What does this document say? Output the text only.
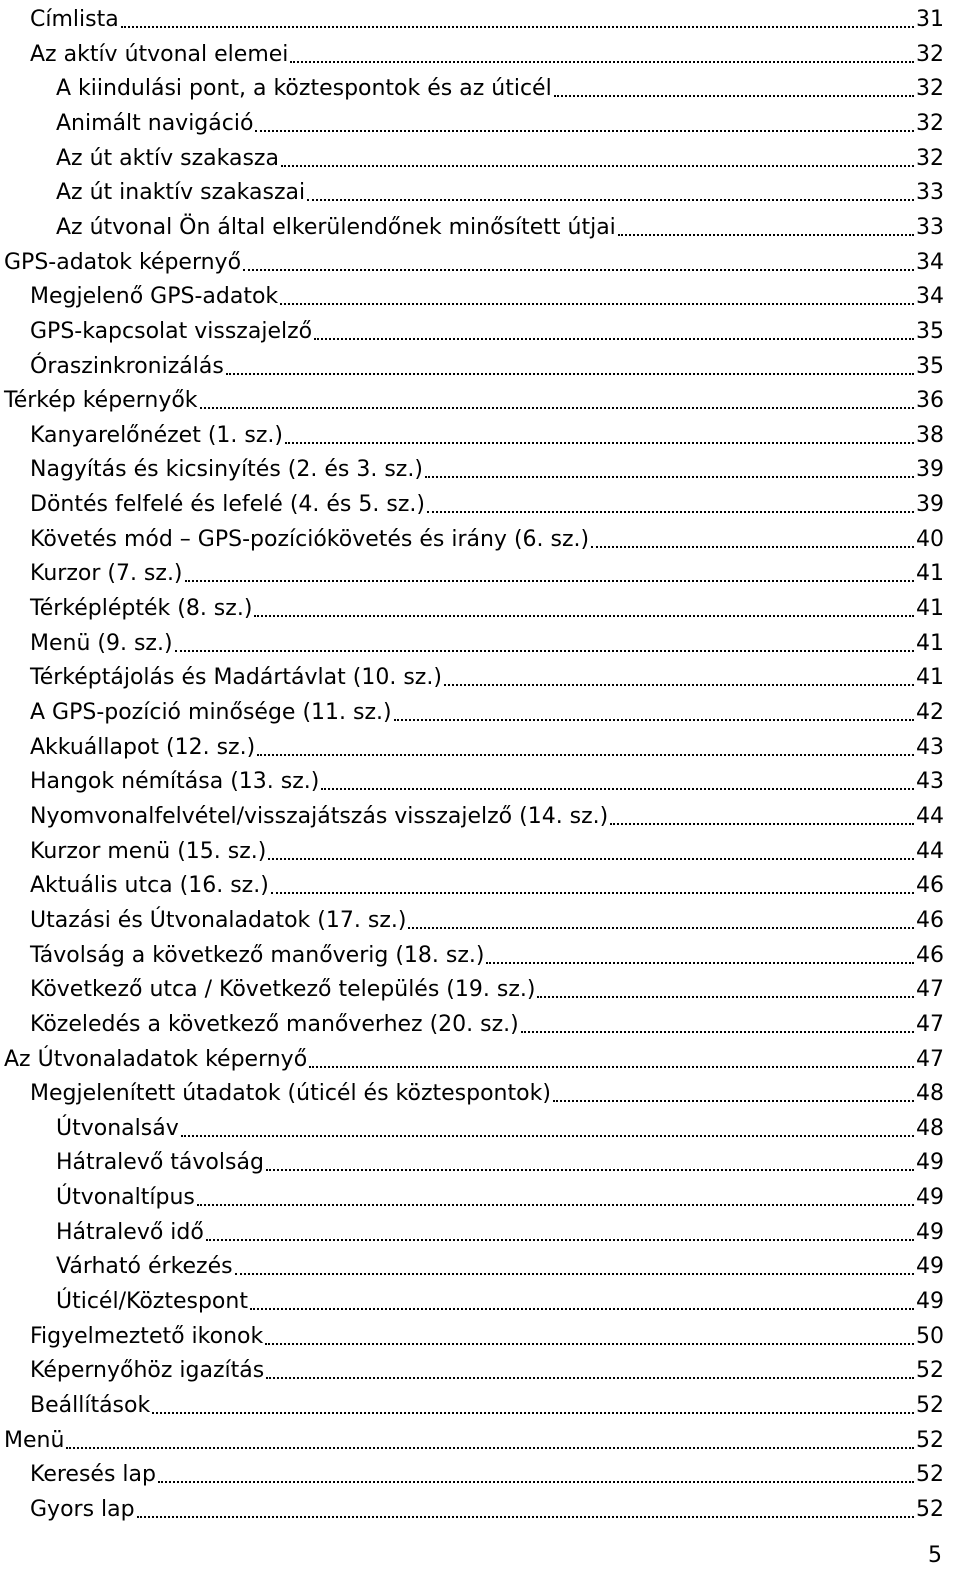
Címlista	31
Az aktív útvonal elemei	32
A kiindulási pont, a köztespontok és az úticél	32
Animált navigáció	32
Az út aktív szakasza	32
Az út inaktív szakaszai	33
Az útvonal Ön által elkerülendőnek minősített útjai	33
GPS-adatok képernyő	34
Megjelenő GPS-adatok	34
GPS-kapcsolat visszajelző	35
Óraszinkronizálás	35
Térkép képernyők	36
Kanyarelőnézet (1. sz.)	38
Nagyítás és kicsinyítés (2. és 3. sz.)	39
Döntés felfelé és lefelé (4. és 5. sz.)	39
Követés mód – GPS-pozíciókövetés és irány (6. sz.)	40
Kurzor (7. sz.)	41
Térképlépték (8. sz.)	41
Menü (9. sz.)	41
Térképtájolás és Madártávlat (10. sz.)	41
A GPS-pozíció minősége (11. sz.)	42
Akkuállapot (12. sz.)	43
Hangok némítása (13. sz.)	43
Nyomvonalfelvétel/visszajátszás visszajelző (14. sz.)	44
Kurzor menü (15. sz.)	44
Aktuális utca (16. sz.)	46
Utazási és Útvonaladatok (17. sz.)	46
Távolság a következő manőverig (18. sz.)	46
Következő utca / Következő település (19. sz.)	47
Közeledés a következő manőverhez (20. sz.)	47
Az Útvonaladatok képernyő	47
Megjelenített útadatok (úticél és köztespontok)	48
Útvonalsáv	48
Hátralevő távolság	49
Útvonaltípus	49
Hátralevő idő	49
Várható érkezés	49
Úticél/Köztespont	49
Figyelmeztető ikonok	50
Képernyőhöz igazítás	52
Beállítások	52
Menü	52
Keresés lap	52
Gyors lap	52
5
